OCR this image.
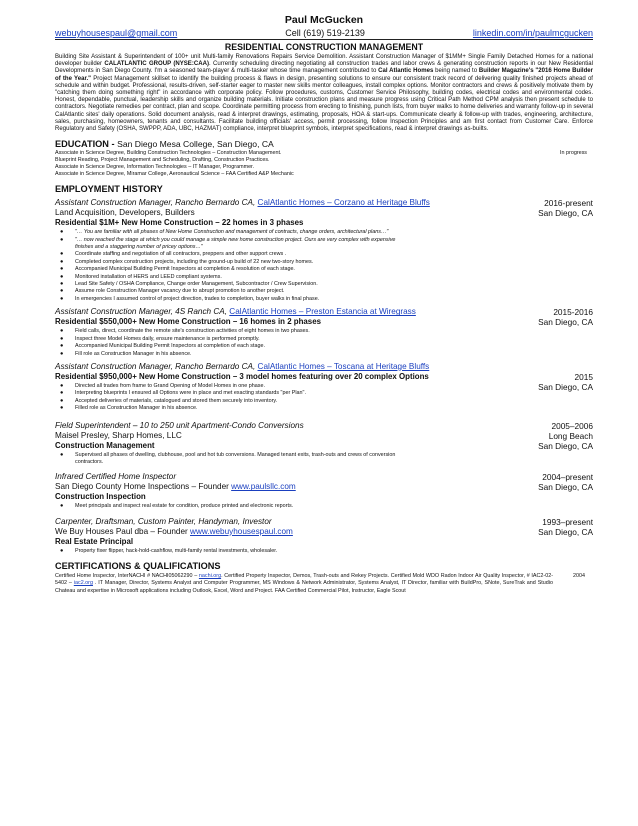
Paul McGucken
webuyhousespaul@gmail.com	Cell (619) 519-2139	linkedin.com/in/paulmcgucken
RESIDENTIAL CONSTRUCTION MANAGEMENT
Building Site Assistant & Superintendent of 100+ unit Multi-family Renovations Repairs Service Demolition. Assistant Construction Manager of $1MM+ Single Family Detached Homes for a national developer builder CALATLANTIC GROUP (NYSE:CAA). Currently scheduling directing negotiating all construction trades and labor crews & generating construction reports in our New Residential Developments in San Diego County. I'm a seasoned team-player & multi-tasker whose time management contributed to Cal Atlantic Homes being named to Builder Magazine's "2016 Home Builder of the Year." Project Management skillset to identify the building process & flaws in design, presenting solutions to ensure our consistent track record of delivering quality finished projects ahead of schedule and within budget. Professional, results-driven, self-starter eager to master new skills mentor colleagues, install complex options. Monitor contractors and crews & positively motivate them by "catching them doing something right" in accordance with corporate policy. Follow procedures, customs, Customer Service Philosophy, building codes, electrical codes and environmental codes. Honest, dependable, punctual, leadership skills and organize building materials. Initiate construction plans and measure progress using Critical Path Method CPM analysis then present schedule to contractors. Negotiate remedies per contract, plan and scope. Coordinate permitting process from erecting to finishing, punch lists, from buyer walks to home deliveries and warranty follow-up in several CalAtlantic sites' daily operations. Solid document analysis, read & interpret drawings, estimating, proposals, HOA & start-ups. Communicate clearly & follow-up with trades, engineering, architecture, sales, purchasing, homeowners, tenants and consultants. Facilitate building officials' access, permit processing, follow Inspection Principles and am first contact from Customer Care. Enforce Regulatory and Safety (OSHA, SWPPP, ADA, UBC, HAZMAT) compliance, interpret blueprint symbols, interpret specifications, read & interpret drawings as-builts.
EDUCATION - San Diego Mesa College, San Diego, CA
Associate in Science Degree, Building Construction Technologies – Construction Management.
Blueprint Reading, Project Management and Scheduling, Drafting, Construction Practices.
Associate in Science Degree, Information Technologies – IT Manager, Programmer.
Associate in Science Degree, Miramar College, Aeronautical Science – FAA Certified A&P Mechanic
In progress
EMPLOYMENT HISTORY
Assistant Construction Manager, Rancho Bernardo CA, CalAtlantic Homes – Corzano at Heritage Bluffs
Land Acquisition, Developers, Builders
Residential $1M+ New Home Construction – 22 homes in 3 phases
● "… You are familiar with all phases of New Home Construction and management of contracts, change orders, architectural plans…"
● "… now reached the stage at which you could manage a simple new home construction project. Ours are very complex with expensive
finishes and a staggering number of pricey options…"
● Coordinate staffing and negotiation of all contractors, preppers and other support crews .
● Completed complex construction projects, including the ground-up build of 22 new two-story homes.
● Accompanied Municipal Building Permit Inspectors at completion & resolution of each stage.
● Monitored installation of HERS and LEED compliant systems.
● Lead Site Safety / OSHA Compliance, Change order Management, Subcontractor / Crew Supervision.
● Assume role Construction Manager vacancy due to abrupt promotion to another project.
● In emergencies I assumed control of project direction, trades to completion, buyer walks in final phase.
2016-present
San Diego, CA
Assistant Construction Manager, 4S Ranch CA, CalAtlantic Homes – Preston Estancia at Wiregrass
Residential $550,000+ New Home Construction – 16 homes in 2 phases
● Field calls, direct, coordinate the remote site's construction activities of eight homes in two phases.
● Inspect three Model Homes daily, ensure maintenance is performed promptly.
● Accompanied Municipal Building Permit Inspectors at completion of each stage.
● Fill role as Construction Manager in his absence.
2015-2016
San Diego, CA
Assistant Construction Manager, Rancho Bernardo CA, CalAtlantic Homes – Toscana at Heritage Bluffs
Residential $950,000+ New Home Construction – 3 model homes featuring over 20 complex Options
● Directed all trades from frame to Grand Opening of Model Homes in one phase.
● Interpreting blueprints I ensured all Options were in place and met exacting standards "per Plan".
● Accepted deliveries of materials, catalogued and stored them securely into inventory.
● Filled role as Construction Manager in his absence.
2015
San Diego, CA
Field Superintendent – 10 to 250 unit Apartment-Condo Conversions
Maisel Presley, Sharp Homes, LLC
Construction Management
● Supervised all phases of dwelling, clubhouse, pool and hot tub conversions. Managed tenant exits, trash-outs and crews of conversion
contractors.
2005–2006
Long Beach
San Diego, CA
Infrared Certified Home Inspector
San Diego County Home Inspections – Founder www.paulsllc.com
Construction Inspection
● Meet principals and inspect real estate for condition, produce printed and electronic reports.
2004–present
San Diego, CA
Carpenter, Draftsman, Custom Painter, Handyman, Investor
We Buy Houses Paul dba – Founder www.webuyhousespaul.com
Real Estate Principal
● Property fixer flipper, hack-hold-cashflow, multi-family rental investments, wholesaler.
1993–present
San Diego, CA
CERTIFICATIONS & QUALIFICATIONS
Certified Home Inspector, InterNACHI # NACHI05062290 – nachi.org. Certified Property Inspector, Demos, Trash-outs and Rekey Projects. Certified Mold WDO Radon Indoor Air Quality Inspector, # IAC2-02-5402 – iac2.org . IT Manager, Director, Systems Analyst and Computer Programmer, MS Windows & Network Administrator, Systems Analyst, IT Director, familiar with BuildPro, SNote, SureTrak and Studio Chateau and expertise in Microsoft applications including Outlook, Excel, Word and Project. FAA Certified Commercial Pilot, Instructor, Eagle Scout
2004
